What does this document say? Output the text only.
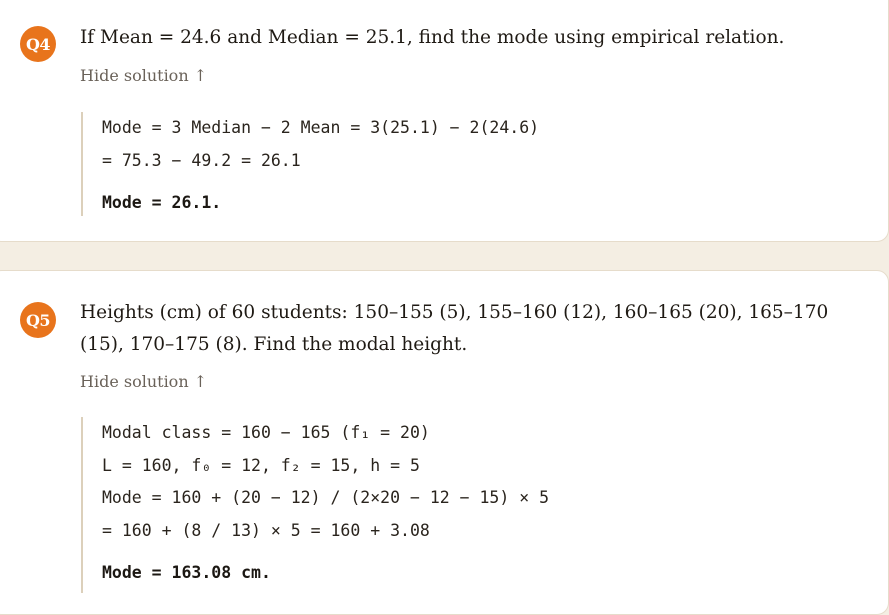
Q4	If Mean = 24.6 and Median = 25.1, find the mode using empirical relation.
Hide solution ↑
Mode = 3 Median − 2 Mean = 3(25.1) − 2(24.6)
= 75.3 − 49.2 = 26.1
Mode = 26.1.
Q5	Heights (cm) of 60 students: 150–155 (5), 155–160 (12), 160–165 (20), 165–170 (15), 170–175 (8). Find the modal height.
Hide solution ↑
Modal class = 160 − 165 (f₁ = 20)
L = 160, f₀ = 12, f₂ = 15, h = 5
Mode = 160 + (20 − 12) / (2×20 − 12 − 15) × 5
= 160 + (8 / 13) × 5 = 160 + 3.08
Mode = 163.08 cm.
